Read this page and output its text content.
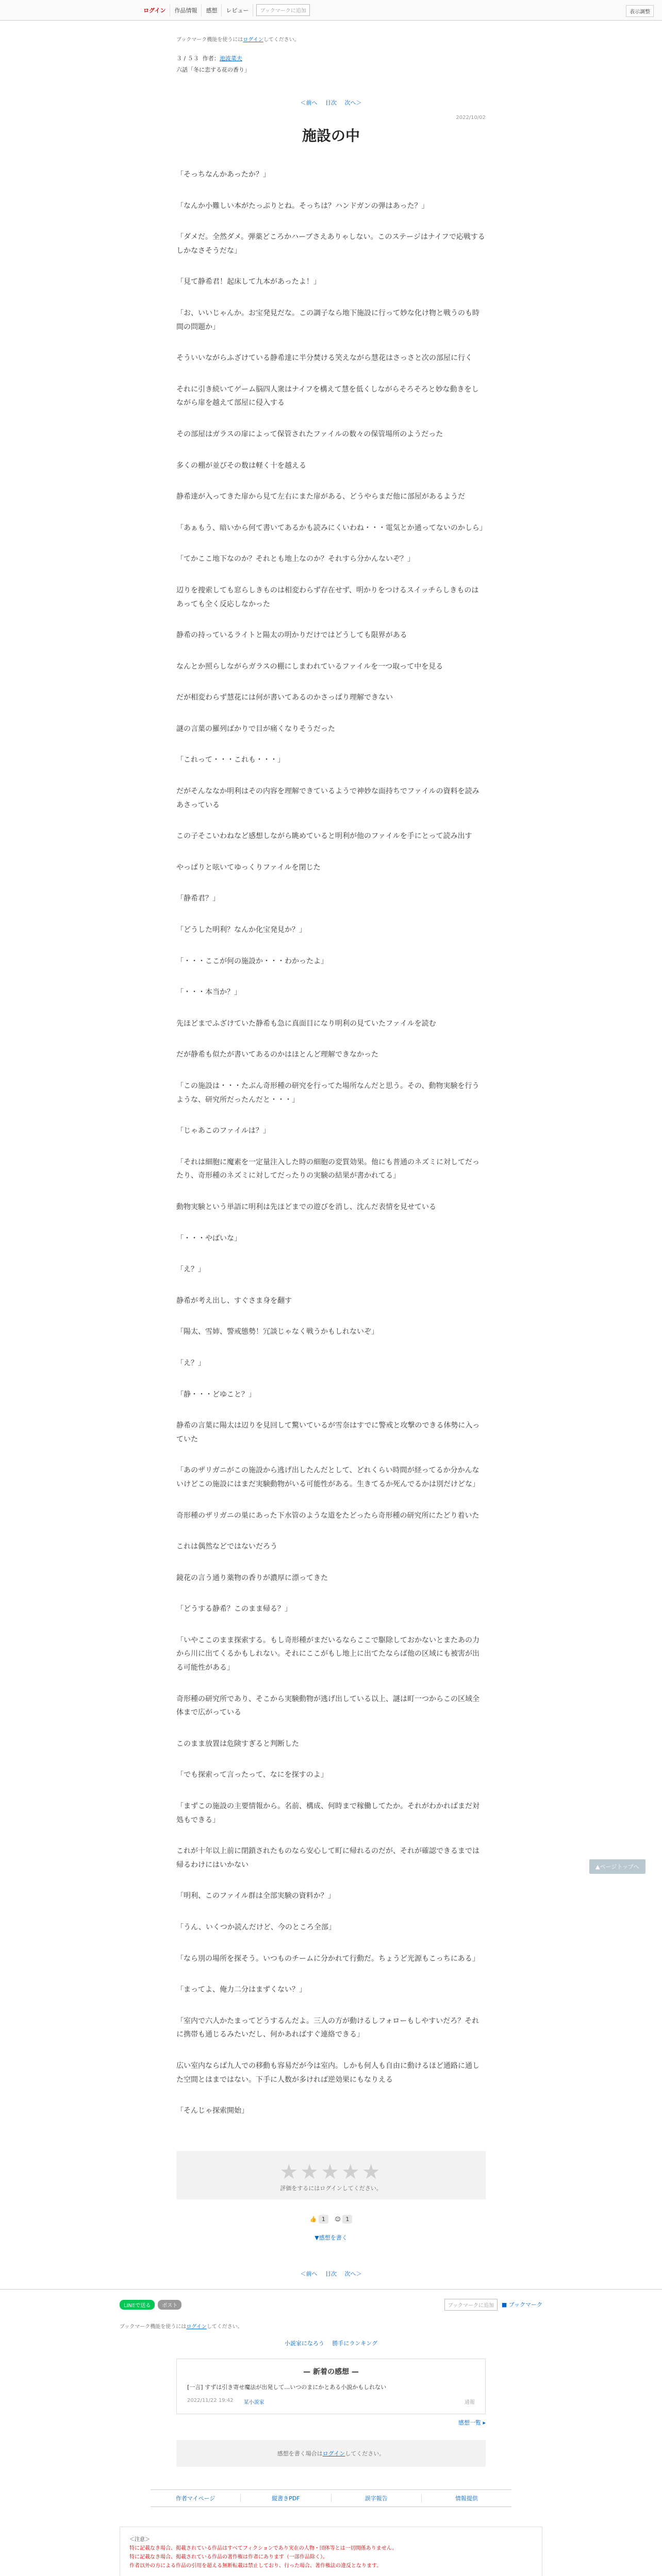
ログイン	作品情報	感想	レビュー	ブックマークに追加	表示調整
ブックマーク機能を使うにはログインしてください。
３ / ５３ 作者：池波菜夫
六話「冬に恋する花の香り」
＜前へ 目次 次へ＞
2022/10/02
施設の中

「そっちなんかあったか？」

「なんか小難しい本がたっぷりとね。そっちは？ハンドガンの弾はあった？」

「ダメだ。全然ダメ。弾薬どころかハーブさえありゃしない。このステージはナイフで応戦するしかなさそうだな」

「見て静希君！起床して九本があったよ！」

「お、いいじゃんか。お宝発見だな。この調子なら地下施設に行って妙な化け物と戦うのも時間の問題か」

そういいながらふざけている静希達に半分焚ける笑えながら慧花はさっさと次の部屋に行く

それに引き続いてゲーム脳四人衆はナイフを構えて慧を低くしながらそろそろと妙な動きをしながら扉を越えて部屋に侵入する

その部屋はガラスの扉によって保管されたファイルの数々の保管場所のようだった

多くの棚が並びその数は軽く十を越える

静希達が入ってきた扉から見て左右にまた扉がある、どうやらまだ他に部屋があるようだ

「あぁもう、暗いから何て書いてあるかも読みにくいわね・・・電気とか通ってないのかしら」

「てかここ地下なのか？それとも地上なのか？それすら分かんないぞ？」

辺りを捜索しても窓らしきものは相変わらず存在せず、明かりをつけるスイッチらしきものはあっても全く反応しなかった

静希の持っているライトと陽太の明かりだけではどうしても限界がある

なんとか照らしながらガラスの棚にしまわれているファイルを一つ取って中を見る

だが相変わらず慧花には何が書いてあるのかさっぱり理解できない

謎の言葉の羅列ばかりで目が痛くなりそうだった

「これって・・・これも・・・」

だがそんななか明利はその内容を理解できているようで神妙な面持ちでファイルの資料を読みあさっている

この子そこいわねなど感想しながら眺めていると明利が他のファイルを手にとって読み出す

やっぱりと呟いてゆっくりファイルを閉じた

「静希君？」

「どうした明利？なんか化宝発見か？」

「・・・ここが何の施設か・・・わかったよ」

「・・・本当か？」

先ほどまでふざけていた静希も急に真面目になり明利の見ていたファイルを読む

だが静希も似たが書いてあるのかはほとんど理解できなかった

「この施設は・・・たぶん奇形種の研究を行ってた場所なんだと思う。その、動物実験を行うような、研究所だったんだと・・・」

「じゃあこのファイルは？」

「それは細胞に魔素を一定量注入した時の細胞の変質効果。他にも普通のネズミに対してだったり、奇形種のネズミに対してだったりの実験の結果が書かれてる」

動物実験という単語に明利は先ほどまでの遊びを消し、沈んだ表情を見せている

「・・・やばいな」

「え？」

静希が考え出し、すぐさま身を翻す

「陽太、雪姉、警戒態勢！冗談じゃなく戦うかもしれないぞ」

「え？」

「静・・・どゆこと？」

静希の言葉に陽太は辺りを見回して驚いているが雪奈はすでに警戒と攻撃のできる体勢に入っていた

「あのザリガニがこの施設から逃げ出したんだとして、どれくらい時間が経ってるか分かんないけどこの施設にはまだ実験動物がいる可能性がある。生きてるか死んでるかは別だけどな」

奇形種のザリガニの巣にあった下水管のような道をたどったら奇形種の研究所にたどり着いた

これは偶然などではないだろう

鏡花の言う通り薬物の香りが濃厚に漂ってきた

「どうする静希？このまま帰る？」

「いやここのまま探索する。もし奇形種がまだいるならここで駆除しておかないとまたあの力から川に出てくるかもしれない。それにここがもし地上に出てたならば他の区域にも被害が出る可能性がある」

奇形種の研究所であり、そこから実験動物が逃げ出している以上、謎は町一つからこの区域全体まで広がっている

このまま放置は危険すぎると判断した

「でも探索って言ったって、なにを探すのよ」

「まずこの施設の主要情報から。名前、構成、何時まで稼働してたか。それがわかればまだ対処もできる」

これが十年以上前に閉鎖されたものなら安心して町に帰れるのだが、それが確認できるまでは帰るわけにはいかない

「明利、このファイル群は全部実験の資料か？」

「うん、いくつか読んだけど、今のところ全部」

「なら別の場所を探そう。いつものチームに分かれて行動だ。ちょうど光源もこっちにある」

「まってよ、俺力二分はまずくない？」

「室内で六人かたまってどうするんだよ。三人の方が動けるしフォローもしやすいだろ？それに携帯も通じるみたいだし、何かあればすぐ連絡できる」

広い室内ならば九人での移動も容易だが今は室内。しかも何人も自由に動けるほど通路に通した空間とはまではない。下手に人数が多ければ逆効果にもなりえる

「そんじゃ探索開始」

★★★★★
評価をするにはログインしてください。
👍 1 😊 1
▼感想を書く
＜前へ 目次 次へ＞
LINEで送る	ポスト	ブックマークに追加	■ ブックマーク
ブックマーク機能を使うにはログインしてください。
小説家になろう 勝手にランキング
— 新着の感想 —
[一言] すずは引き寄せ魔法が出発して…いつのまにかとある小説かもしれない
2022/11/22 19:42 某小説家	通報
感想一覧 ▸
感想を書く場合はログインしてください。
作者マイページ	縦書きPDF	誤字報告	情報提供
＜注意＞
特に記載なき場合、掲載されている作品はすべてフィクションであり実在の人物・団体等とは一切関係ありません。
特に記載なき場合、掲載されている作品の著作権は作者にあります（一部作品除く）。
作者以外の方による作品の引用を超える無断転載は禁止しており、行った場合、著作権法の違反となります。

▲ページトップへ
